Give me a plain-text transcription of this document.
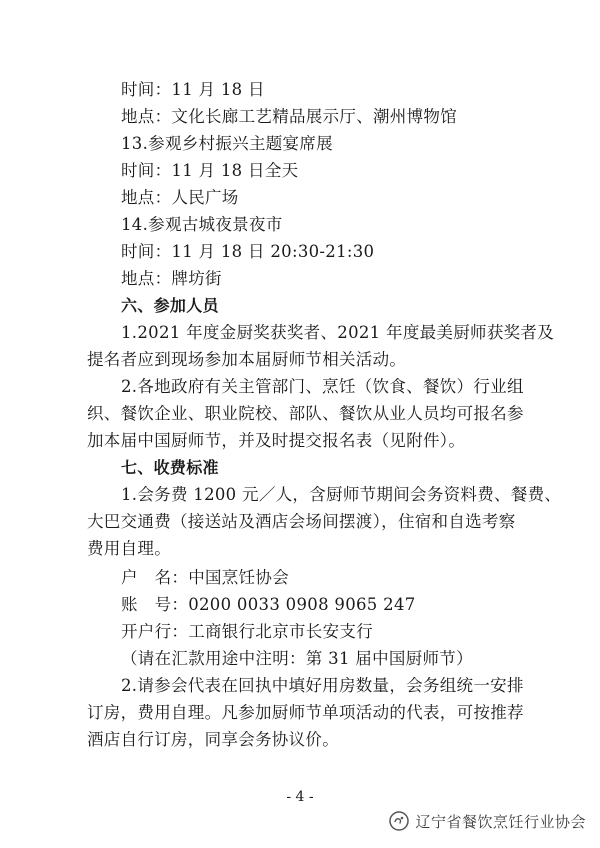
时间：11 月 18 日
地点：文化长廊工艺精品展示厅、潮州博物馆
13.参观乡村振兴主题宴席展
时间：11 月 18 日全天
地点：人民广场
14.参观古城夜景夜市
时间：11 月 18 日 20:30-21:30
地点：牌坊街
六、参加人员
1.2021 年度金厨奖获奖者、2021 年度最美厨师获奖者及
提名者应到现场参加本届厨师节相关活动。
2.各地政府有关主管部门、烹饪（饮食、餐饮）行业组
织、餐饮企业、职业院校、部队、餐饮从业人员均可报名参
加本届中国厨师节，并及时提交报名表（见附件）。
七、收费标准
1.会务费 1200 元／人，含厨师节期间会务资料费、餐费、
大巴交通费（接送站及酒店会场间摆渡），住宿和自选考察
费用自理。
户　名：中国烹饪协会
账　号：0200 0033 0908 9065 247
开户行：工商银行北京市长安支行
（请在汇款用途中注明：第 31 届中国厨师节）
2.请参会代表在回执中填好用房数量，会务组统一安排
订房，费用自理。凡参加厨师节单项活动的代表，可按推荐
酒店自行订房，同享会务协议价。
- 4 -
辽宁省餐饮烹饪行业协会
